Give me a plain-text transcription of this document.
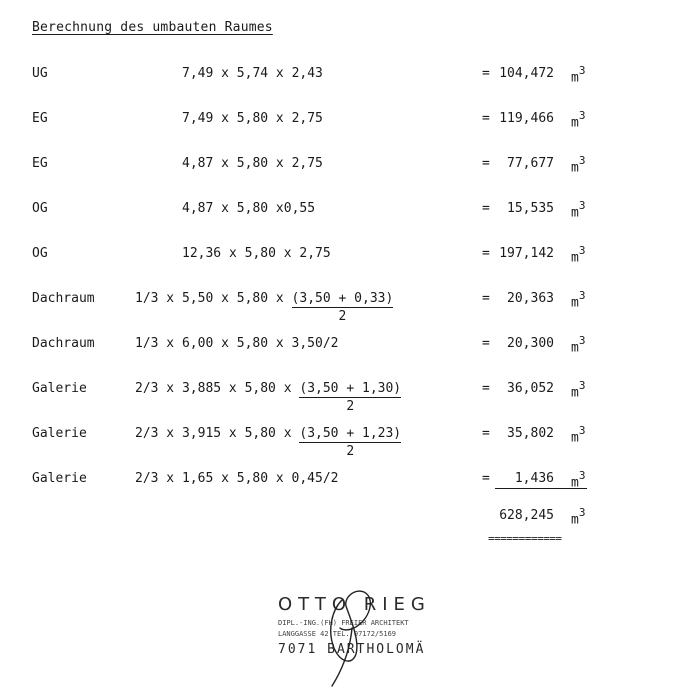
Berechnung des umbauten Raumes
UG	7,49 x 5,74 x 2,43	= 104,472 $m^3$
EG	7,49 x 5,80 x 2,75	= 119,466 $m^3$
EG	4,87 x 5,80 x 2,75	= 77,677 $m^3$
OG	4,87 x 5,80 x0,55	= 15,535 $m^3$
OG	12,36 x 5,80 x 2,75	= 197,142 $m^3$
Dachraum	1/3 x 5,50 x 5,80 x $\frac{(3,50 + 0,33)}{2}$	= 20,363 $m^3$
Dachraum	1/3 x 6,00 x 5,80 x 3,50/2	= 20,300 $m^3$
Galerie	2/3 x 3,885 x 5,80 x $\frac{(3,50 + 1,30)}{2}$	= 36,052 $m^3$
Galerie	2/3 x 3,915 x 5,80 x $\frac{(3,50 + 1,23)}{2}$	= 35,802 $m^3$
Galerie	2/3 x 1,65 x 5,80 x 0,45/2	= 1,436 $m^3$
628,245 $m^3$
============
OTTO RIEG
DIPL.-ING.(FH) FREIER ARCHITEKT
LANGGASSE 42 TEL. 07172/5169
7071 BARTHOLOMÄ
